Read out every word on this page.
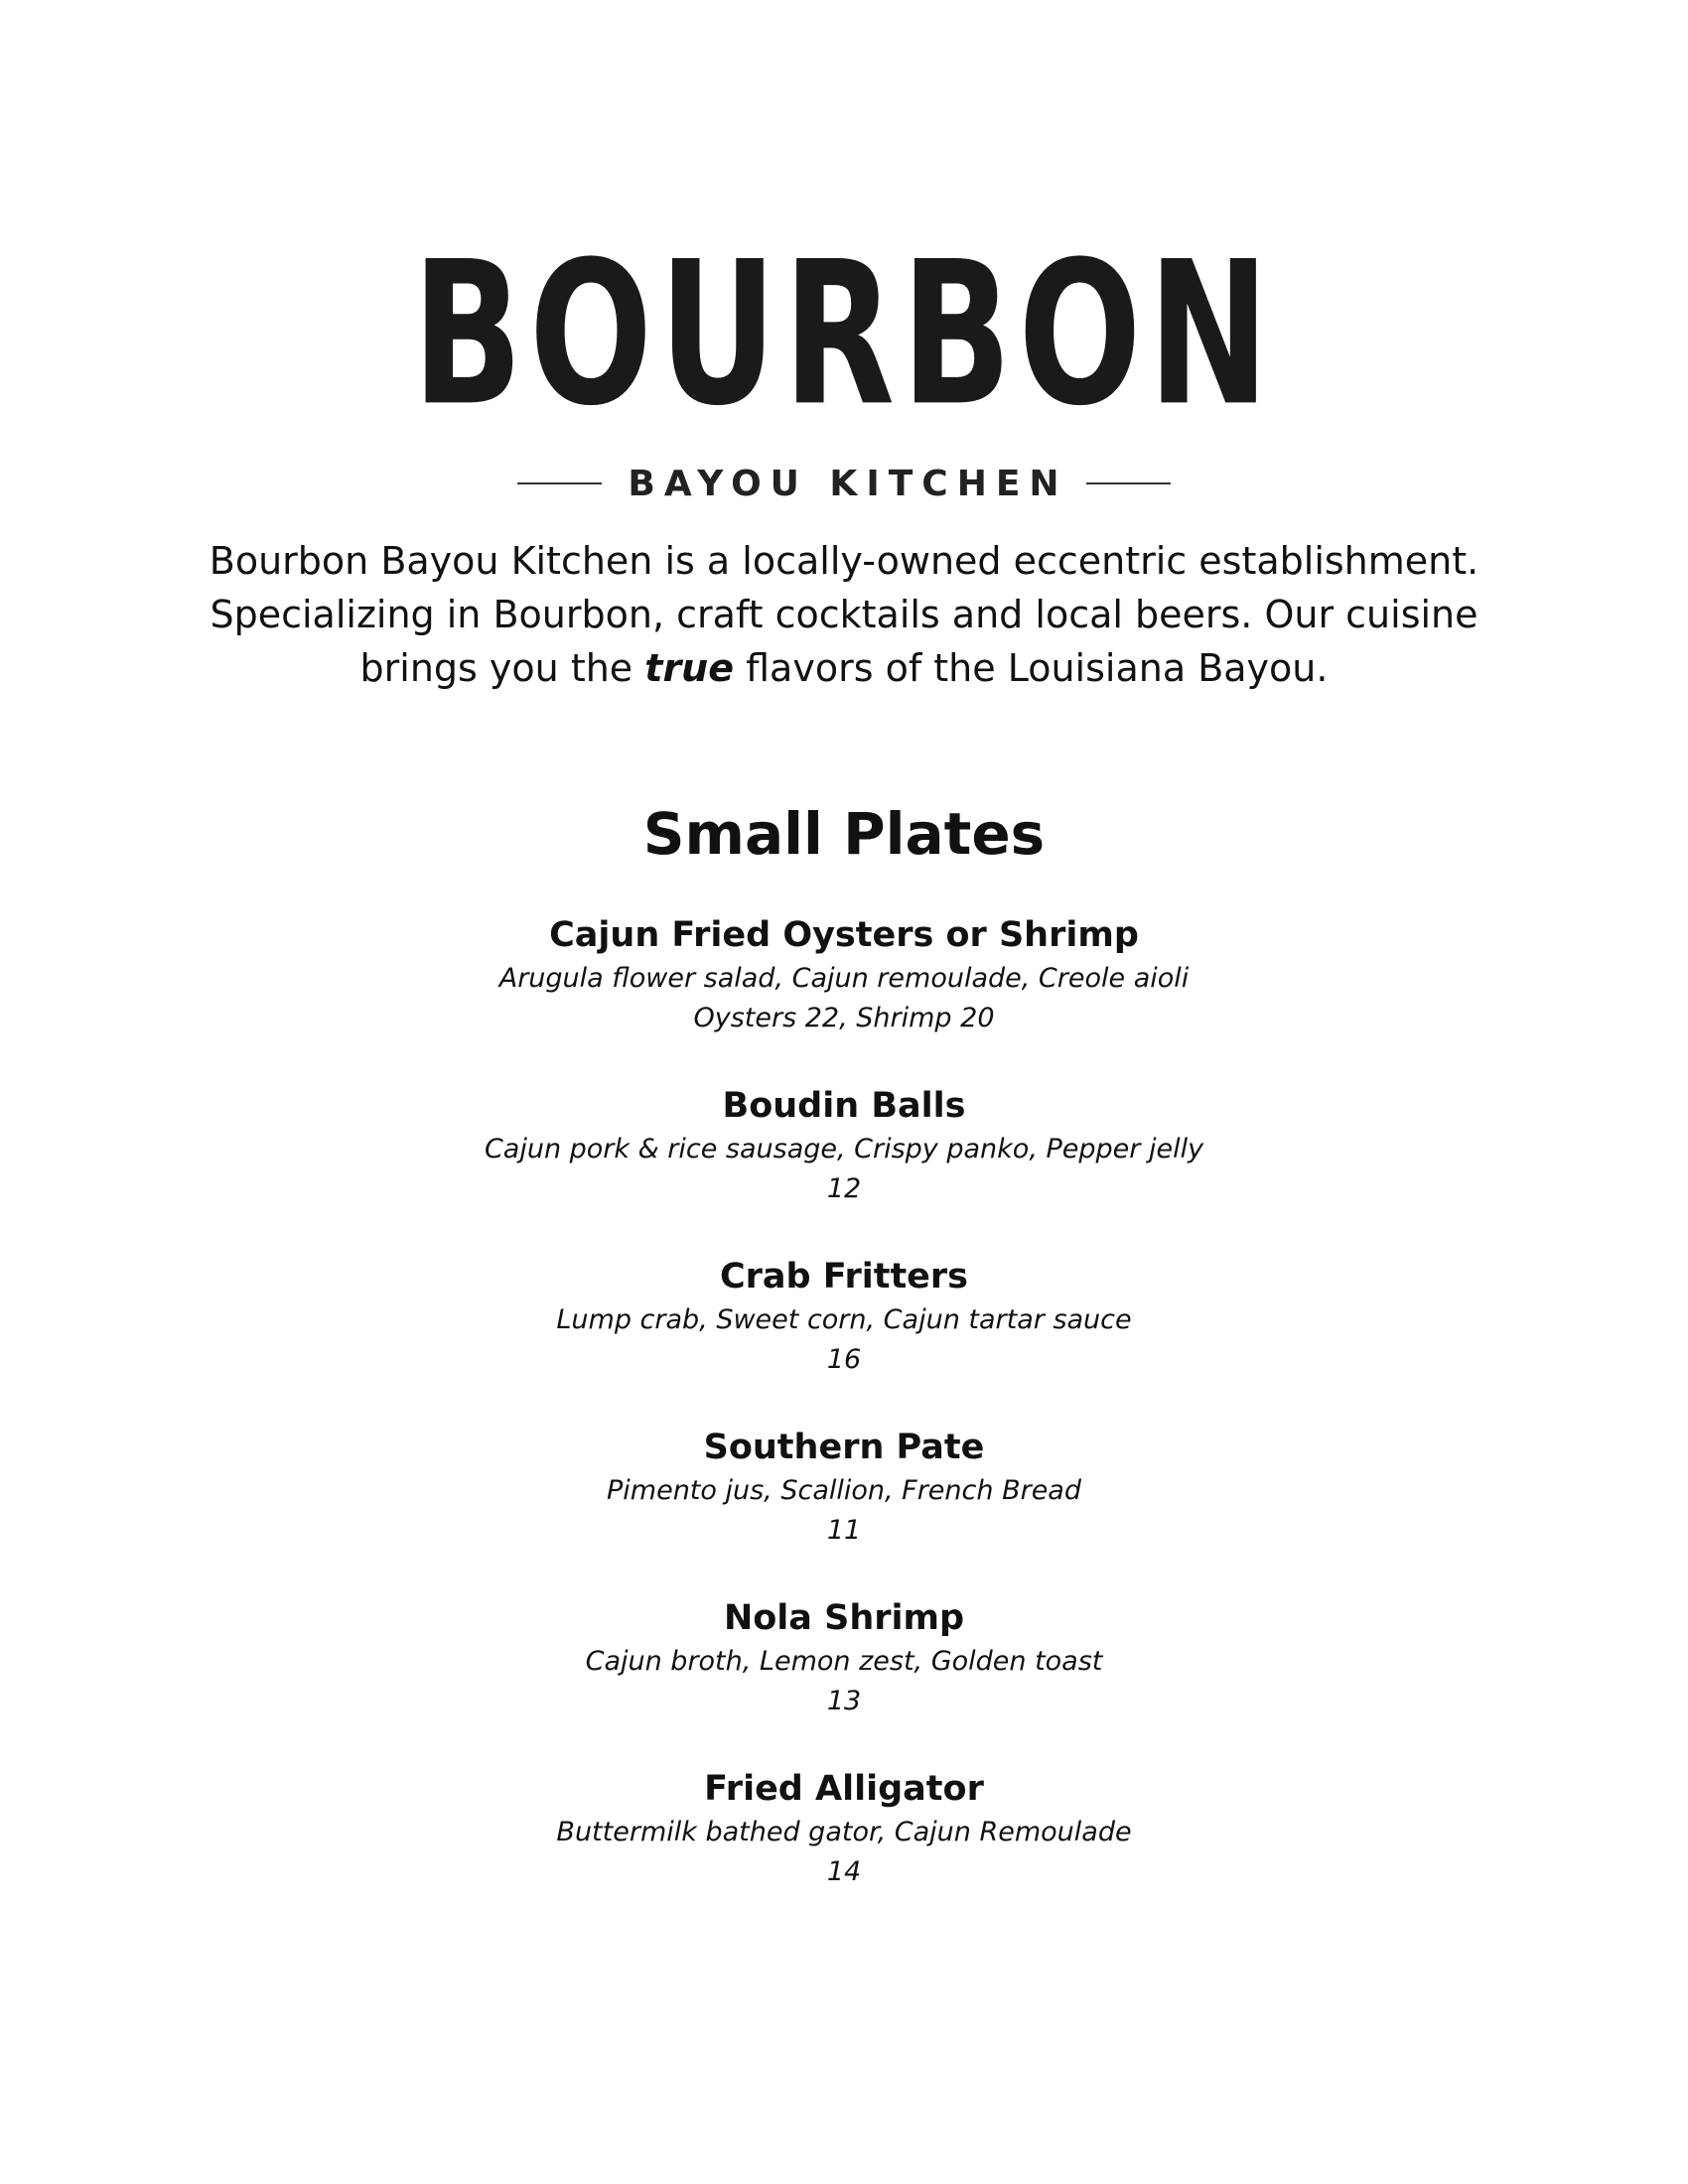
BOURBON
BAYOU KITCHEN

Bourbon Bayou Kitchen is a locally-owned eccentric establishment.

Specializing in Bourbon, craft cocktails and local beers. Our cuisine

brings you the true flavors of the Louisiana Bayou.

Small Plates
Cajun Fried Oysters or Shrimp
Arugula flower salad, Cajun remoulade, Creole aioli
Oysters 22, Shrimp 20
Boudin Balls
Cajun pork & rice sausage, Crispy panko, Pepper jelly
12
Crab Fritters
Lump crab, Sweet corn, Cajun tartar sauce
16
Southern Pate
Pimento jus, Scallion, French Bread
11
Nola Shrimp
Cajun broth, Lemon zest, Golden toast
13
Fried Alligator
Buttermilk bathed gator, Cajun Remoulade
14
